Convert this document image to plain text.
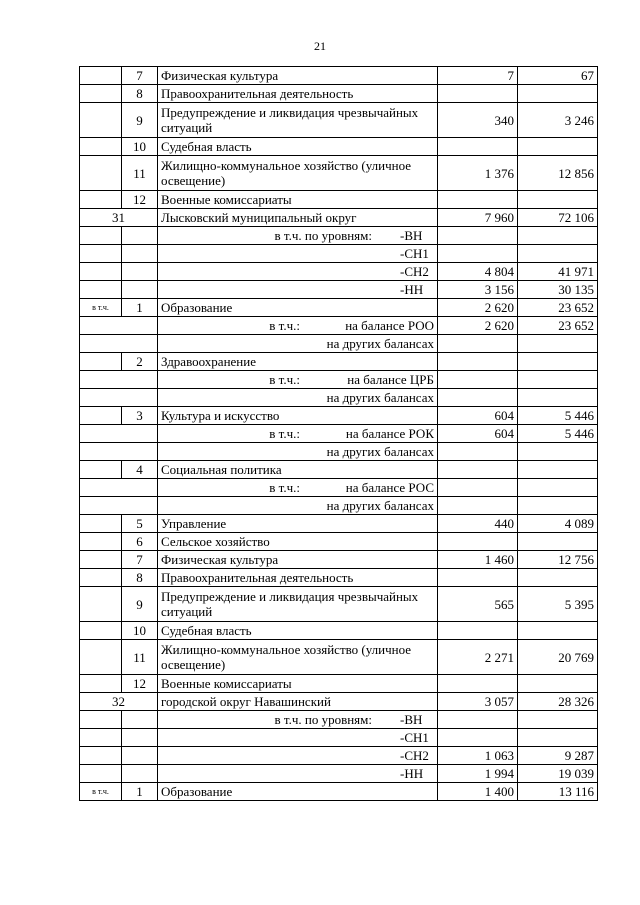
21
	7	Физическая культура	7	67
	8	Правоохранительная деятельность		
	9	Предупреждение и ликвидация чрезвычайных ситуаций	340	3 246
	10	Судебная власть		
	11	Жилищно-коммунальное хозяйство (уличное освещение)	1 376	12 856
	12	Военные комиссариаты		
31		Лысковский муниципальный округ	7 960	72 106

		в т.ч. по уровням: -ВН		

		-СН1		

		-СН2	4 804	41 971

		-НН	3 156	30 135
в т.ч.	1	Образование	2 620	23 652

		в т.ч.: на балансе РОО	2 620	23 652

		на других балансах		

	2	Здравоохранение		

		в т.ч.: на балансе ЦРБ		

		на других балансах		

	3	Культура и искусство	604	5 446

		в т.ч.: на балансе РОК	604	5 446

		на других балансах		

	4	Социальная политика		

		в т.ч.: на балансе РОС		

		на других балансах		

	5	Управление	440	4 089
	6	Сельское хозяйство		
	7	Физическая культура	1 460	12 756
	8	Правоохранительная деятельность		
	9	Предупреждение и ликвидация чрезвычайных ситуаций	565	5 395
	10	Судебная власть		
	11	Жилищно-коммунальное хозяйство (уличное освещение)	2 271	20 769
	12	Военные комиссариаты		
32		городской округ Навашинский	3 057	28 326

		в т.ч. по уровням: -ВН		

		-СН1		

		-СН2	1 063	9 287

		-НН	1 994	19 039
в т.ч.	1	Образование	1 400	13 116
